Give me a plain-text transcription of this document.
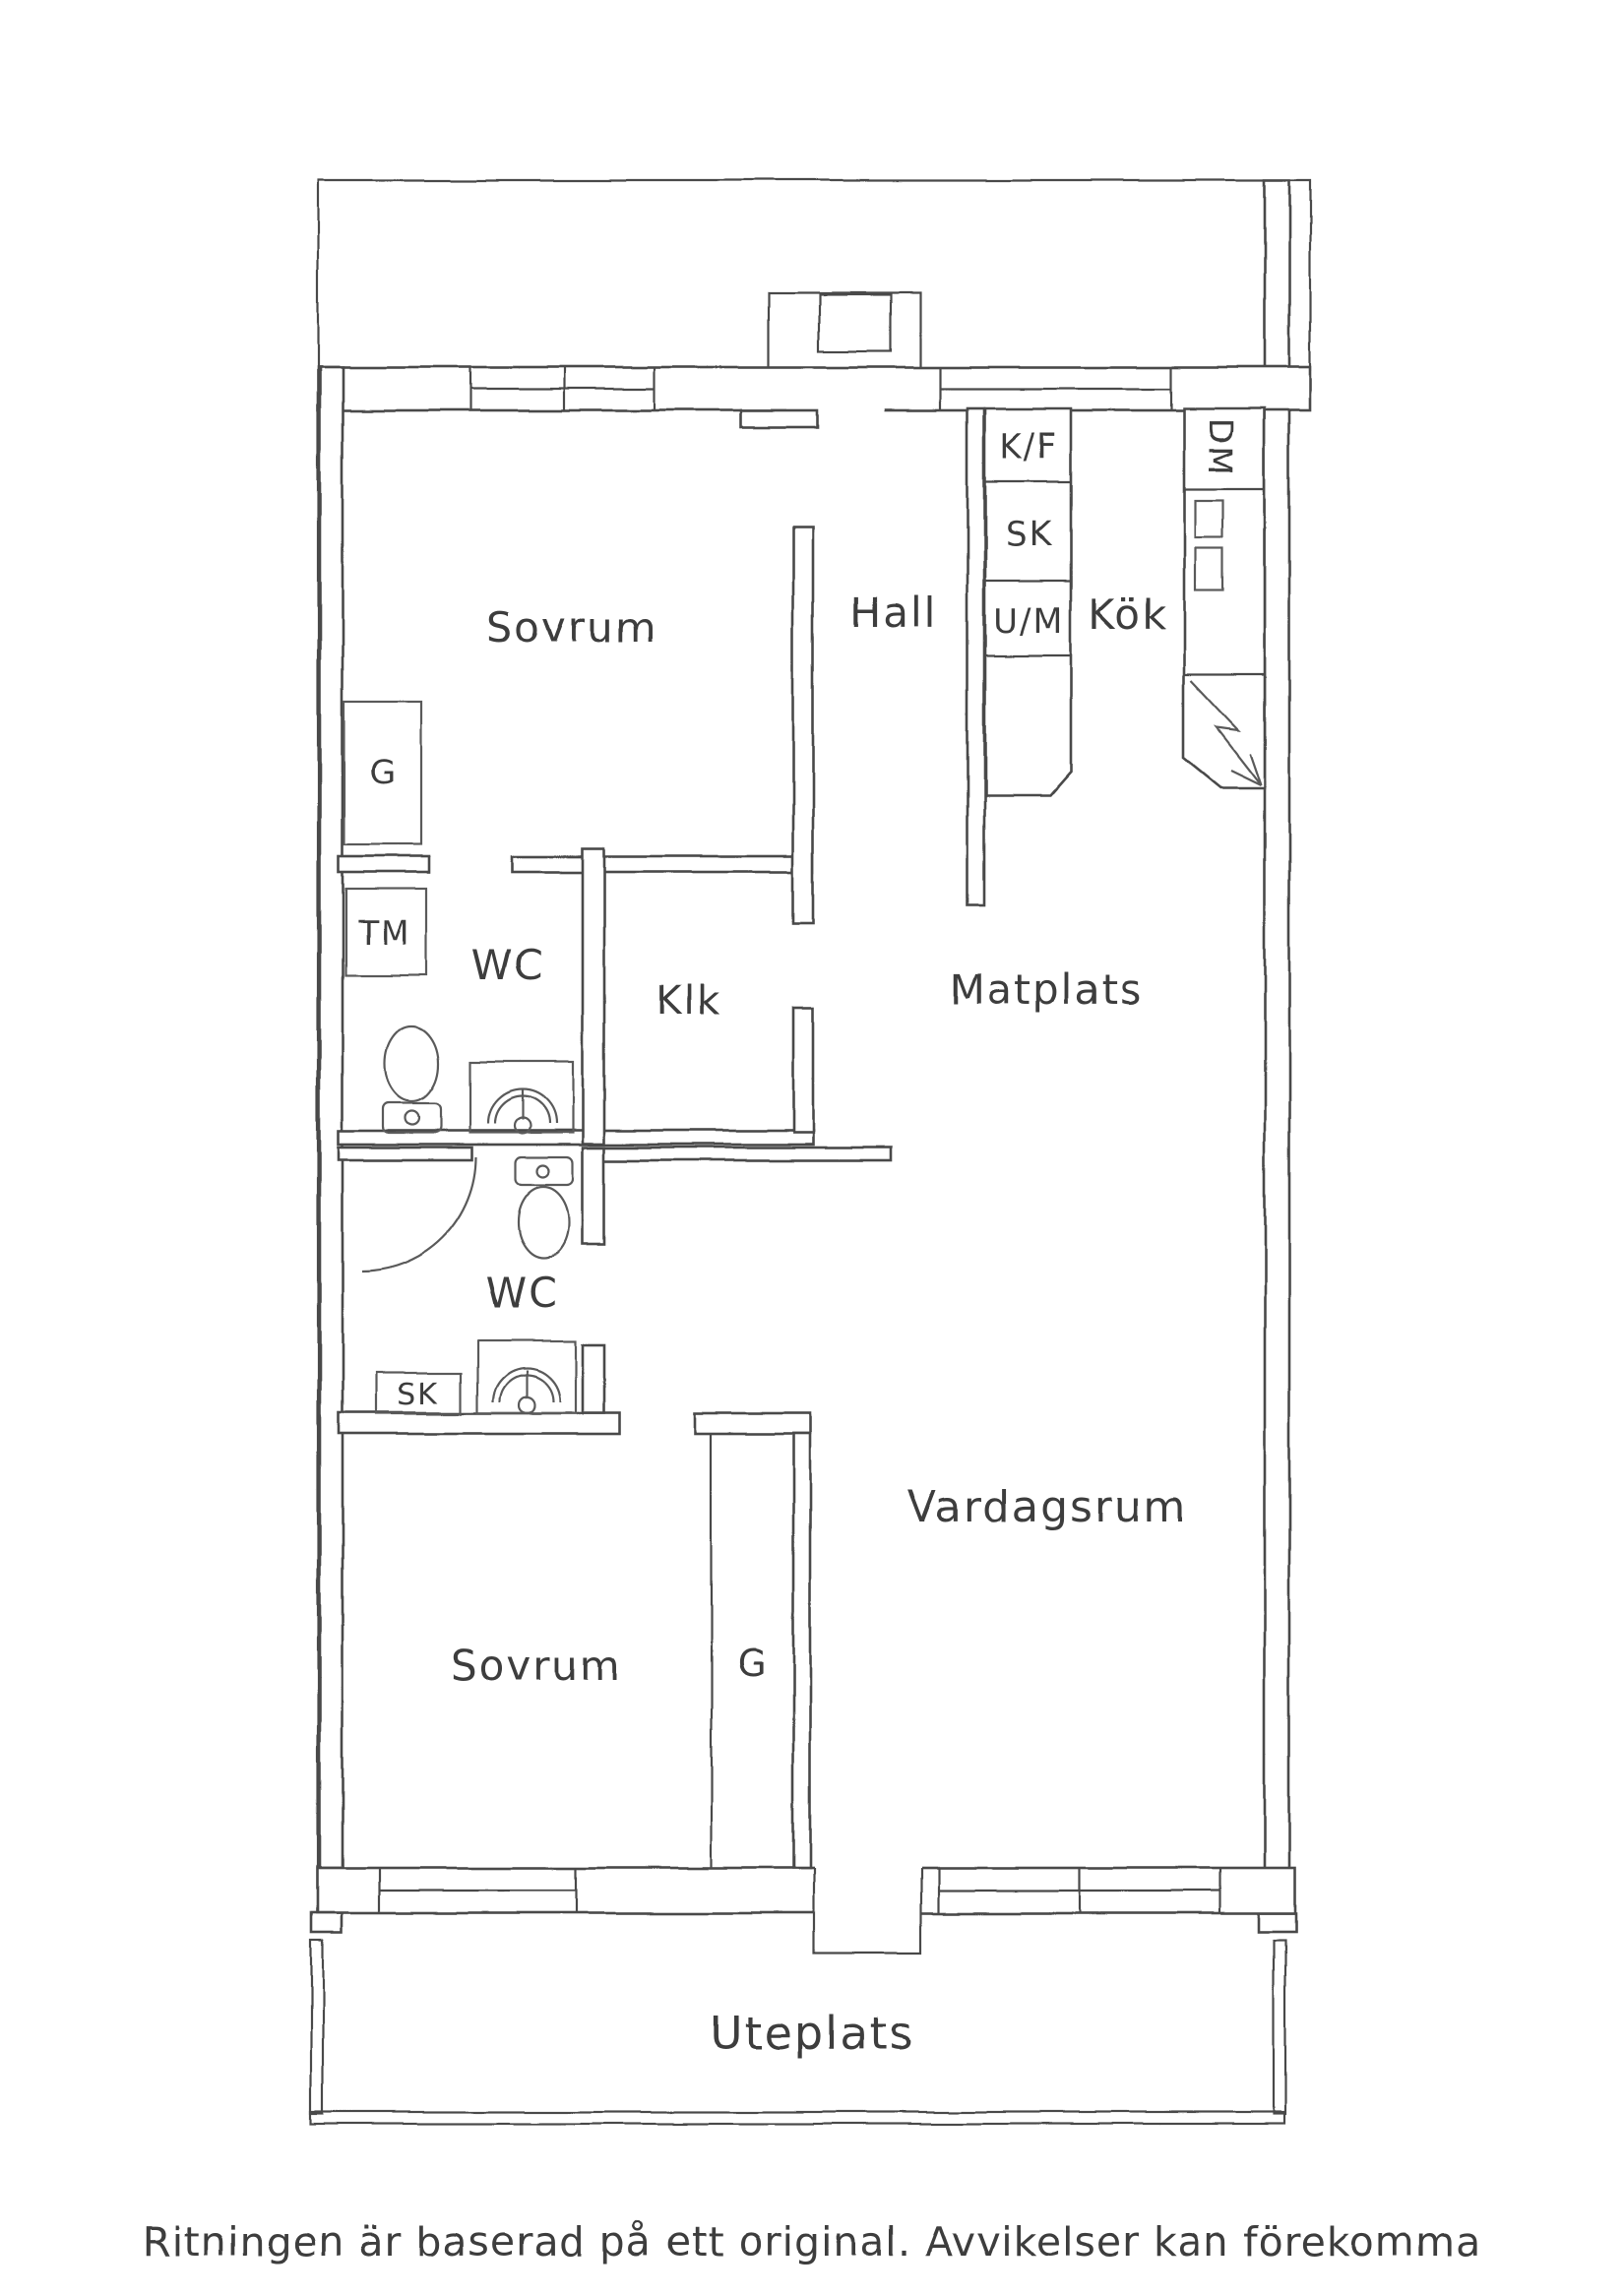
Sovrum	Hall	Kök
Matplats
Klk
WC
WC
Vardagsrum
Sovrum
Uteplats
K/F
SK
U/M
DM
TM
G
G
SK
Ritningen är baserad på ett original. Avvikelser kan förekomma
